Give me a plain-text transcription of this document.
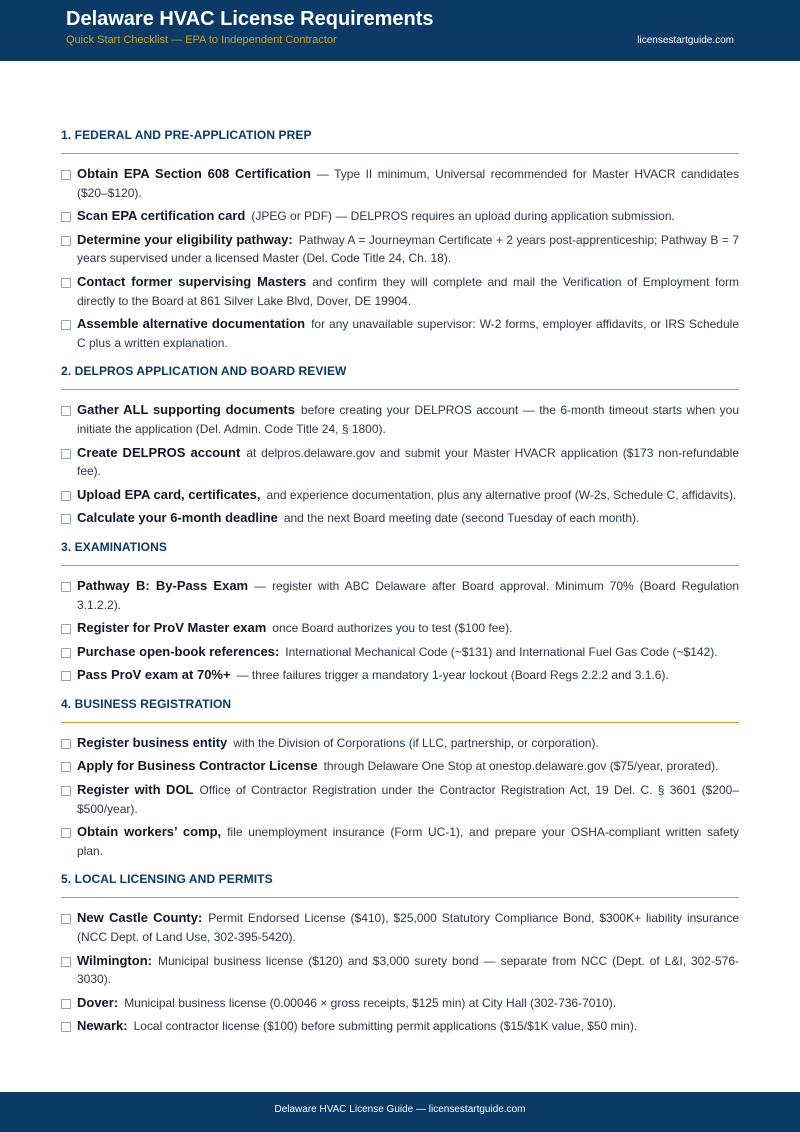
Delaware HVAC License Requirements
Quick Start Checklist — EPA to Independent Contractor	licensestartguide.com
1. FEDERAL AND PRE-APPLICATION PREP
Obtain EPA Section 608 Certification — Type II minimum, Universal recommended for Master HVACR candidates ($20–$120).
Scan EPA certification card (JPEG or PDF) — DELPROS requires an upload during application submission.
Determine your eligibility pathway: Pathway A = Journeyman Certificate + 2 years post-apprenticeship; Pathway B = 7 years supervised under a licensed Master (Del. Code Title 24, Ch. 18).
Contact former supervising Masters and confirm they will complete and mail the Verification of Employment form directly to the Board at 861 Silver Lake Blvd, Dover, DE 19904.
Assemble alternative documentation for any unavailable supervisor: W-2 forms, employer affidavits, or IRS Schedule C plus a written explanation.
2. DELPROS APPLICATION AND BOARD REVIEW
Gather ALL supporting documents before creating your DELPROS account — the 6-month timeout starts when you initiate the application (Del. Admin. Code Title 24, § 1800).
Create DELPROS account at delpros.delaware.gov and submit your Master HVACR application ($173 non-refundable fee).
Upload EPA card, certificates, and experience documentation, plus any alternative proof (W-2s, Schedule C, affidavits).
Calculate your 6-month deadline and the next Board meeting date (second Tuesday of each month).
3. EXAMINATIONS
Pathway B: By-Pass Exam — register with ABC Delaware after Board approval. Minimum 70% (Board Regulation 3.1.2.2).
Register for ProV Master exam once Board authorizes you to test ($100 fee).
Purchase open-book references: International Mechanical Code (~$131) and International Fuel Gas Code (~$142).
Pass ProV exam at 70%+ — three failures trigger a mandatory 1-year lockout (Board Regs 2.2.2 and 3.1.6).
4. BUSINESS REGISTRATION
Register business entity with the Division of Corporations (if LLC, partnership, or corporation).
Apply for Business Contractor License through Delaware One Stop at onestop.delaware.gov ($75/year, prorated).
Register with DOL Office of Contractor Registration under the Contractor Registration Act, 19 Del. C. § 3601 ($200–$500/year).
Obtain workers’ comp, file unemployment insurance (Form UC-1), and prepare your OSHA-compliant written safety plan.
5. LOCAL LICENSING AND PERMITS
New Castle County: Permit Endorsed License ($410), $25,000 Statutory Compliance Bond, $300K+ liability insurance (NCC Dept. of Land Use, 302-395-5420).
Wilmington: Municipal business license ($120) and $3,000 surety bond — separate from NCC (Dept. of L&I, 302-576-3030).
Dover: Municipal business license (0.00046 × gross receipts, $125 min) at City Hall (302-736-7010).
Newark: Local contractor license ($100) before submitting permit applications ($15/$1K value, $50 min).
Delaware HVAC License Guide — licensestartguide.com
